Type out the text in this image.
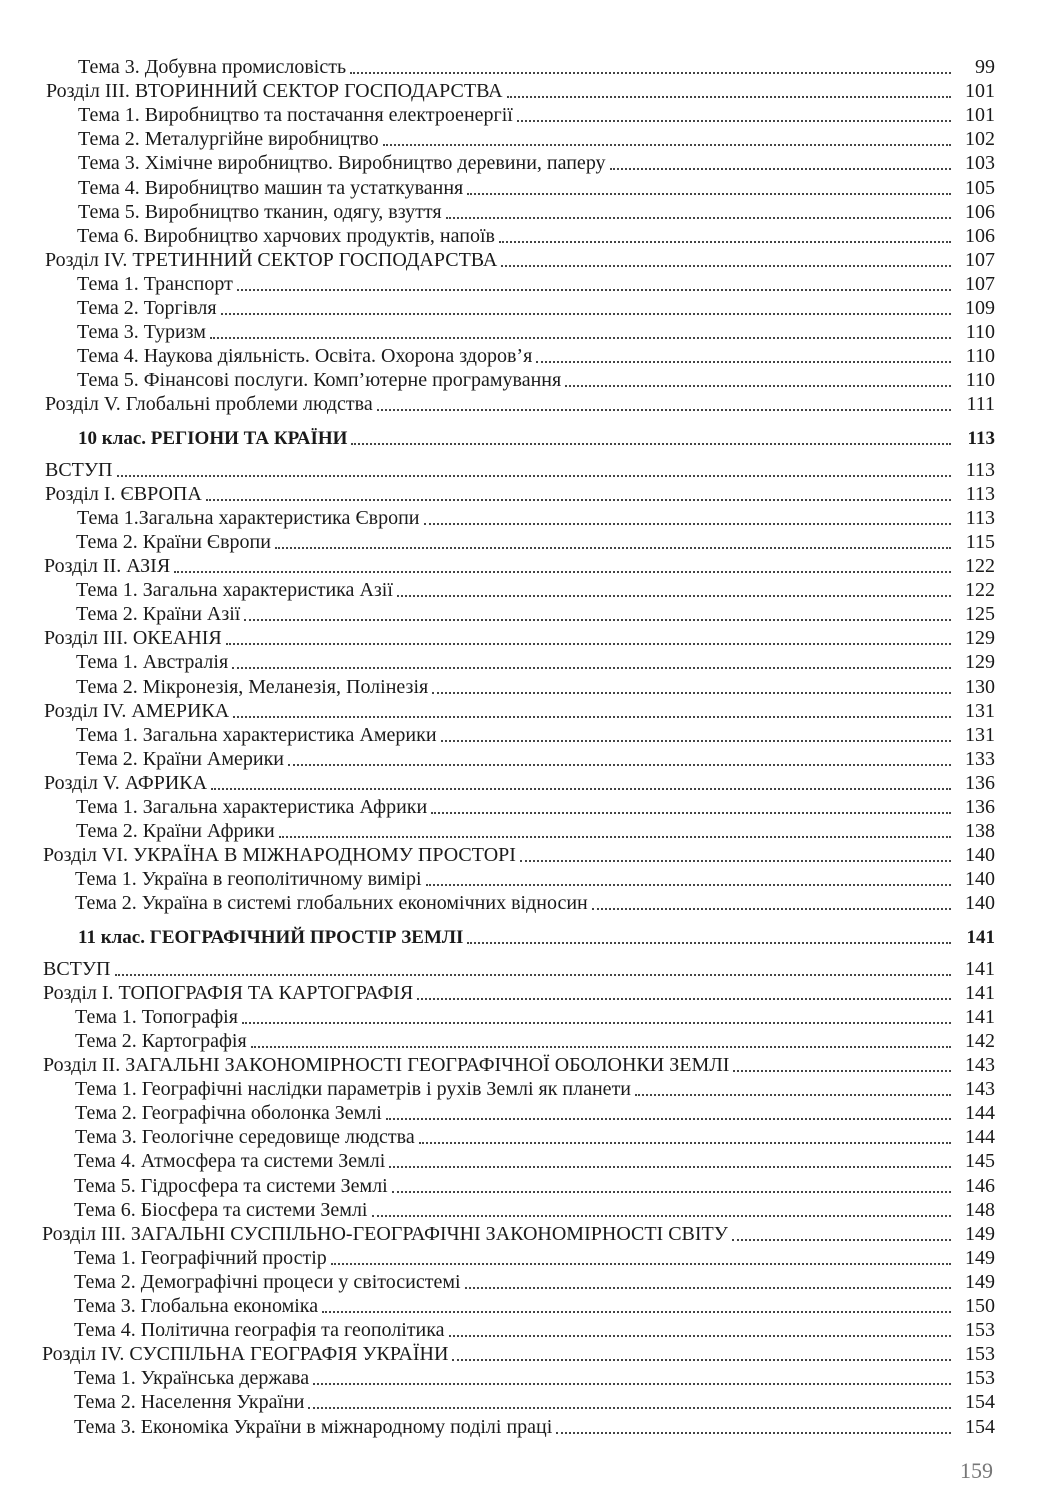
Тема 3. Добувна промисловість	99
Розділ III. ВТОРИННИЙ СЕКТОР ГОСПОДАРСТВА	101
Тема 1. Виробництво та постачання електроенергії	101
Тема 2. Металургійне виробництво	102
Тема 3. Хімічне виробництво. Виробництво деревини, паперу	103
Тема 4. Виробництво машин та устаткування	105
Тема 5. Виробництво тканин, одягу, взуття	106
Тема 6. Виробництво харчових продуктів, напоїв	106
Розділ IV. ТРЕТИННИЙ СЕКТОР ГОСПОДАРСТВА	107
Тема 1. Транспорт	107
Тема 2. Торгівля	109
Тема 3. Туризм	110
Тема 4. Наукова діяльність. Освіта. Охорона здоров’я	110
Тема 5. Фінансові послуги. Комп’ютерне програмування	110
Розділ V. Глобальні проблеми людства	111
10 клас. РЕГІОНИ ТА КРАЇНИ	113
ВСТУП	113
Розділ І. ЄВРОПА	113
Тема 1.Загальна характеристика Європи	113
Тема 2. Країни Євpопи	115
Розділ II. АЗІЯ	122
Тема 1. Загальна характеристика Азії	122
Тема 2. Країни Азії	125
Розділ III. ОКЕАНІЯ	129
Тема 1. Австралія	129
Тема 2. Мікронезія, Меланезія, Полінезія	130
Розділ IV. АМЕРИКА	131
Тема 1. Загальна характеристика Америки	131
Тема 2. Країни Америки	133
Розділ V. АФРИКА	136
Тема 1. Загальна характеристика Африки	136
Тема 2. Країни Африки	138
Розділ VI. УКРАЇНА В МІЖНАРОДНОМУ ПРОСТОРІ	140
Тема 1. Україна в геополітичному вимірі	140
Тема 2. Україна в системі глобальних економічних відносин	140
11 клас. ГЕОГРАФІЧНИЙ ПРОСТІР ЗЕМЛІ	141
ВСТУП	141
Розділ І. ТОПОГРАФІЯ ТА КАРТОГРАФІЯ	141
Тема 1. Топографія	141
Тема 2. Картографія	142
Розділ II. ЗАГАЛЬНІ ЗАКОНОМІРНОСТІ ГЕОГРАФІЧНОЇ ОБОЛОНКИ ЗЕМЛІ	143
Тема 1. Географічні наслідки параметрів і рухів Землі як планети	143
Тема 2. Географічна оболонка Землі	144
Тема 3. Геологічне середовище людства	144
Тема 4. Атмосфера та системи Землі	145
Тема 5. Гідросфера та системи Землі	146
Тема 6. Біосфера та системи Землі	148
Розділ III. ЗАГАЛЬНІ СУСПІЛЬНО-ГЕОГРАФІЧНІ ЗАКОНОМІРНОСТІ СВІТУ	149
Тема 1. Географічний простір	149
Тема 2. Демографічні процеси у світосистемі	149
Тема 3. Глобальна економіка	150
Тема 4. Політична географія та геополітика	153
Розділ IV. СУСПІЛЬНА ГЕОГРАФІЯ УКРАЇНИ	153
Тема 1. Українська держава	153
Тема 2. Населення України	154
Тема 3. Економіка України в міжнародному поділі праці	154
159
